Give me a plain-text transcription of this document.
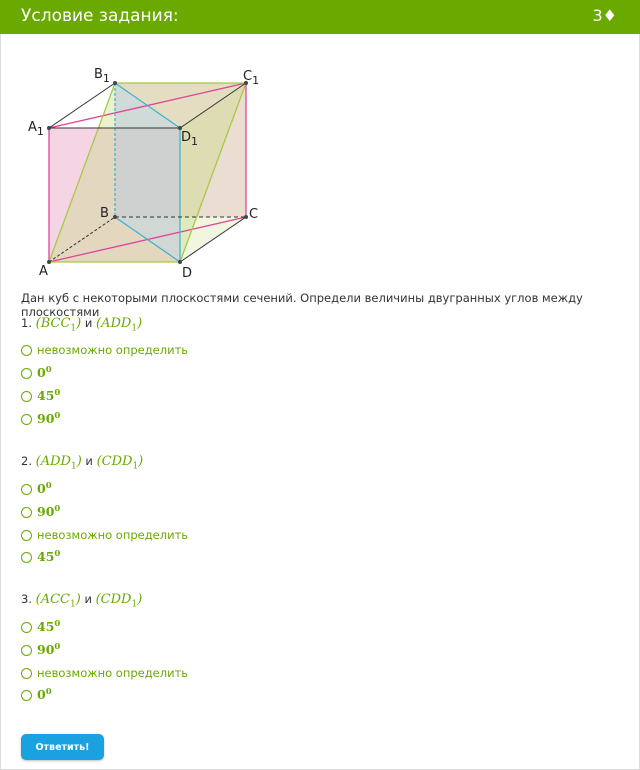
Условие задания:	3♦
$B_1$	$C_1$
$A_1$	$D_1$
B	C
A	D
Дан куб с некоторыми плоскостями сечений. Определи величины двугранных углов между плоскостями
1. $(BCC_1)$ и $(ADD_1)$
невозможно определить
$0^0$
$45^0$
$90^0$
2. $(ADD_1)$ и $(CDD_1)$
$0^0$
$90^0$
невозможно определить
$45^0$
3. $(ACC_1)$ и $(CDD_1)$
$45^0$
$90^0$
невозможно определить
$0^0$
Ответить!
